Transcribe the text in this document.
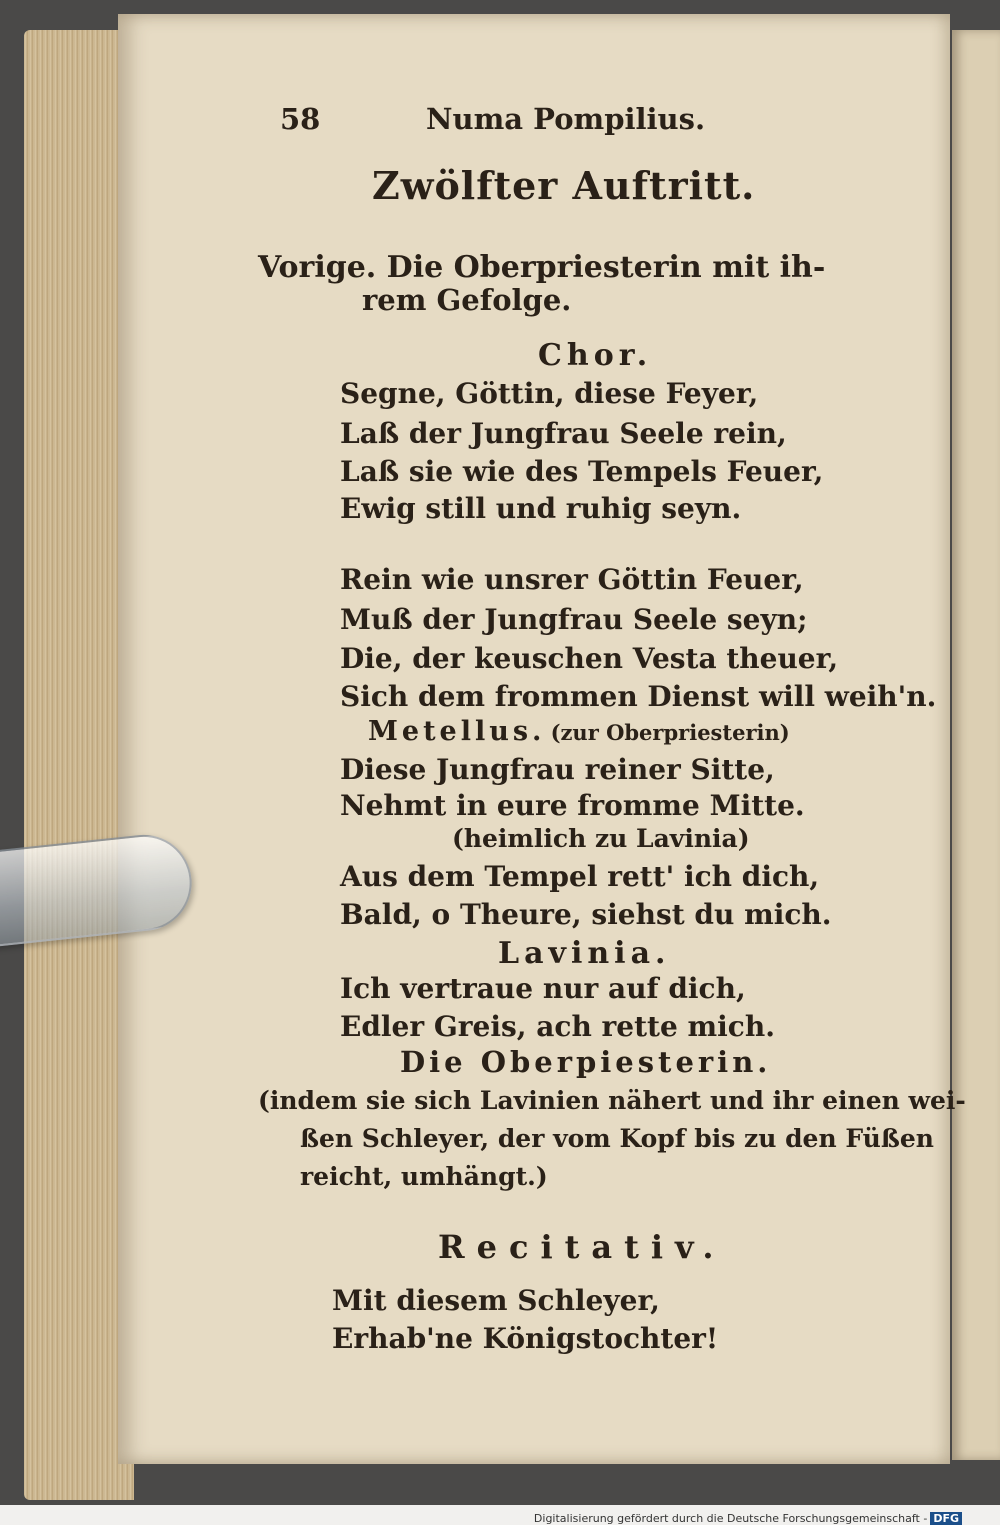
58	Numa Pompilius.
Zwölfter Auftritt.
Vorige. Die Oberpriesterin mit ih-
rem Gefolge.
Chor.
Segne, Göttin, diese Feyer,
Laß der Jungfrau Seele rein,
Laß sie wie des Tempels Feuer,
Ewig still und ruhig seyn.
Rein wie unsrer Göttin Feuer,
Muß der Jungfrau Seele seyn;
Die, der keuschen Vesta theuer,
Sich dem frommen Dienst will weih'n.
Metellus. (zur Oberpriesterin)
Diese Jungfrau reiner Sitte,
Nehmt in eure fromme Mitte.
(heimlich zu Lavinia)
Aus dem Tempel rett' ich dich,
Bald, o Theure, siehst du mich.
Lavinia.
Ich vertraue nur auf dich,
Edler Greis, ach rette mich.
Die Oberpiesterin.
(indem sie sich Lavinien nähert und ihr einen wei-
ßen Schleyer, der vom Kopf bis zu den Füßen
reicht, umhängt.)
Recitativ.
Mit diesem Schleyer,
Erhab'ne Königstochter!
Digitalisierung gefördert durch die Deutsche Forschungsgemeinschaft - DFG
